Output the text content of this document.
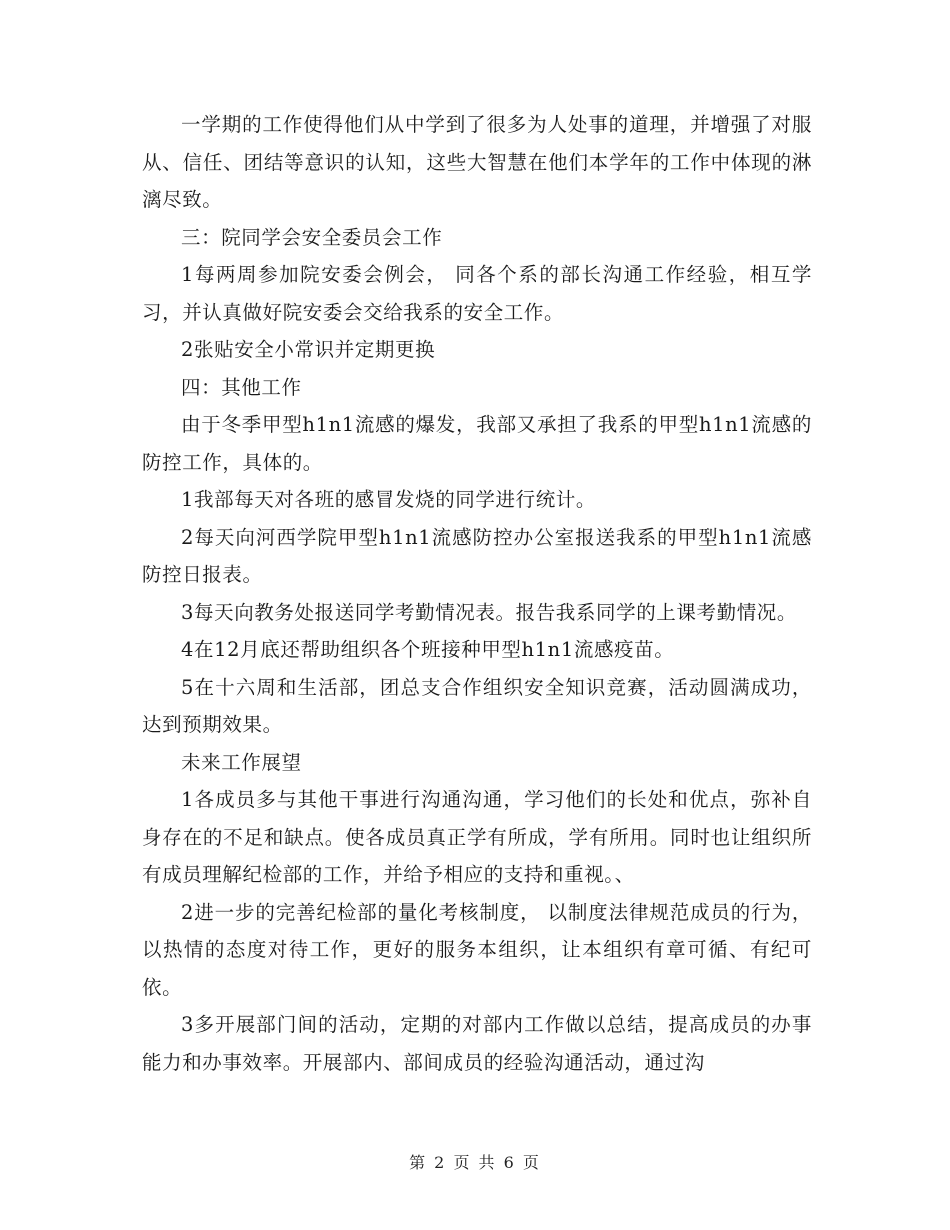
一学期的工作使得他们从中学到了很多为人处事的道理，并增强了对服从、信任、团结等意识的认知，这些大智慧在他们本学年的工作中体现的淋漓尽致。

三：院同学会安全委员会工作

1每两周参加院安委会例会， 同各个系的部长沟通工作经验，相互学习，并认真做好院安委会交给我系的安全工作。

2张贴安全小常识并定期更换

四：其他工作

由于冬季甲型h1n1流感的爆发，我部又承担了我系的甲型h1n1流感的防控工作，具体的。

1我部每天对各班的感冒发烧的同学进行统计。

2每天向河西学院甲型h1n1流感防控办公室报送我系的甲型h1n1流感防控日报表。

3每天向教务处报送同学考勤情况表。报告我系同学的上课考勤情况。

4在12月底还帮助组织各个班接种甲型h1n1流感疫苗。

5在十六周和生活部，团总支合作组织安全知识竞赛，活动圆满成功，达到预期效果。

未来工作展望

1各成员多与其他干事进行沟通沟通，学习他们的长处和优点，弥补自身存在的不足和缺点。使各成员真正学有所成，学有所用。同时也让组织所有成员理解纪检部的工作，并给予相应的支持和重视。、

2进一步的完善纪检部的量化考核制度， 以制度法律规范成员的行为，以热情的态度对待工作，更好的服务本组织，让本组织有章可循、有纪可依。

3多开展部门间的活动，定期的对部内工作做以总结，提高成员的办事能力和办事效率。开展部内、部间成员的经验沟通活动，通过沟

第 2 页 共 6 页
